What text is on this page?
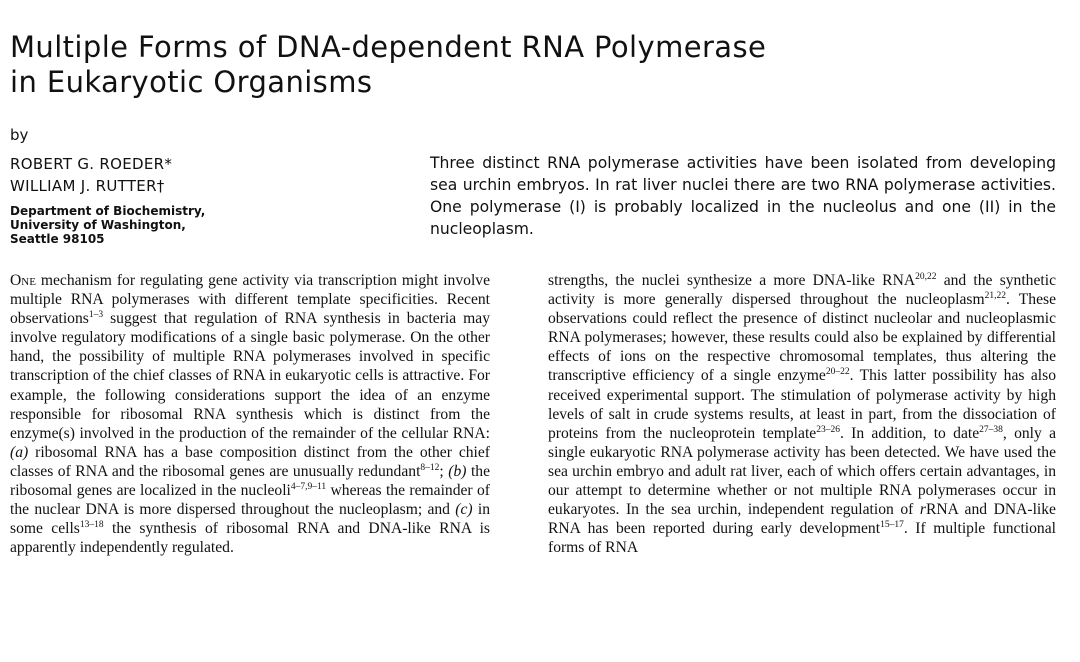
Multiple Forms of DNA-dependent RNA Polymerase
in Eukaryotic Organisms
by
ROBERT G. ROEDER*
WILLIAM J. RUTTER†
Department of Biochemistry,
University of Washington,
Seattle 98105
Three distinct RNA polymerase activities have been isolated from developing sea urchin embryos. In rat liver nuclei there are two RNA polymerase activities. One polymerase (I) is probably localized in the nucleolus and one (II) in the nucleoplasm.

One mechanism for regulating gene activity via transcription might involve multiple RNA polymerases with different template specificities. Recent observations$^{1-3}$ suggest that regulation of RNA synthesis in bacteria may involve regulatory modifications of a single basic polymerase. On the other hand, the possibility of multiple RNA polymerases involved in specific transcription of the chief classes of RNA in eukaryotic cells is attractive. For example, the following considerations support the idea of an enzyme responsible for ribosomal RNA synthesis which is distinct from the enzyme(s) involved in the production of the remainder of the cellular RNA: (a) ribosomal RNA has a base composition distinct from the other chief classes of RNA and the ribosomal genes are unusually redundant$^{8-12}$; (b) the ribosomal genes are localized in the nucleoli$^{4-7,9-11}$ whereas the remainder of the nuclear DNA is more dispersed throughout the nucleoplasm; and (c) in some cells$^{13-18}$ the synthesis of ribosomal RNA and DNA-like RNA is apparently independently regulated.

strengths, the nuclei synthesize a more DNA-like RNA$^{20,22}$ and the synthetic activity is more generally dispersed throughout the nucleoplasm$^{21,22}$. These observations could reflect the presence of distinct nucleolar and nucleoplasmic RNA polymerases; however, these results could also be explained by differential effects of ions on the respective chromosomal templates, thus altering the transcriptive efficiency of a single enzyme$^{20-22}$. This latter possibility has also received experimental support. The stimulation of polymerase activity by high levels of salt in crude systems results, at least in part, from the dissociation of proteins from the nucleoprotein template$^{23-26}$. In addition, to date$^{27-38}$, only a single eukaryotic RNA polymerase activity has been detected. We have used the sea urchin embryo and adult rat liver, each of which offers certain advantages, in our attempt to determine whether or not multiple RNA polymerases occur in eukaryotes. In the sea urchin, independent regulation of rRNA and DNA-like RNA has been reported during early development$^{15-17}$. If multiple functional forms of RNA
